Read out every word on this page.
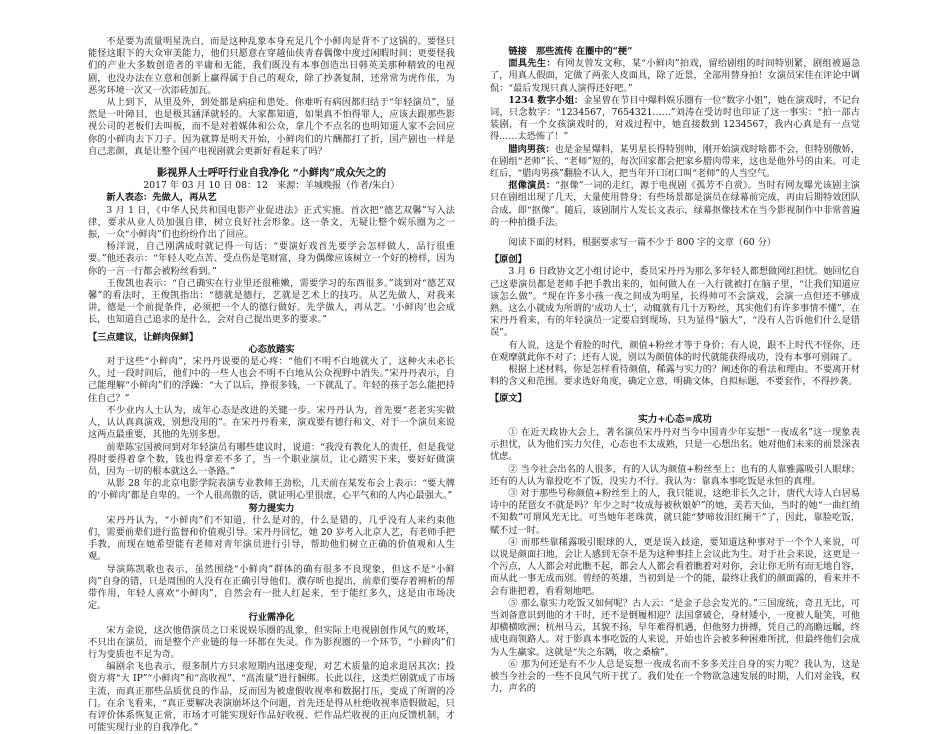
不是要为流量明星洗白，而是这种乱象本身充足几个小鲜肉是背不了这锅的。要怪只能怪这眼下的大众审美能力，他们只愿意在穿越仙侠青春偶像中度过闲暇时间；更要怪我们的产业大多数创造者的平庸和无能，我们既没有本事创造出日韩英美那种精致的电视剧，也没办法在立意和创新上赢得属于自己的观众，除了抄袭复制，还常常为虎作伥，为恶劣环境一次又一次添砖加瓦。

从上到下，从里及外，到处都是病症和患处。你难听有病因都归结于“年轻演员”，显然是一叶障目，也是极其涵泽就轻的。大家都知道，如果真不怕得罪人，应该去跟那些影视公司的老板们去叫板，而不是对着媒体和公众，拿几个不点名的也明知道人家不会回应你的小鲜肉去下刀子。因为就算是明天开始，小鲜肉们的片酬都打了折，国产剧也一样是自己悲颜，真是让整个国产电视剧就会更新好看起来了吗？

影视界人士呼吁行业自我净化 “小鲜肉”成众矢之的
2017 年 03 月 10 日 08：12　来源：羊城晚报（作者/朱白）
新人表态：先做人，再从艺

3 月 1 日，《中华人民共和国电影产业促进法》正式实施。首次把“德艺双馨”写入法律，要求从业人员加强自律，树立良好社会形象。这一条文，无疑让整个娱乐圈为之一振，一众“小鲜肉”们也纷纷作出了回应。

杨洋说，自己刚满成时就记得一句话：“要演好戏首先要学会怎样做人，品行很重要。”他还表示：“年轻人吃点苦、受点伤是笔财富，身为偶像应该树立一个好的榜样，因为你的一言一行都会被粉丝看到。”

王俊凯也表示：“自己确实在行业里还很稚嫩，需要学习的东西很多。”谈到对“德艺双馨”的看法时，王俊凯指出：“德就是德行，艺就是艺术上的技巧。从艺先做人，对我来讲，德是一个前提条件，必须把一个人的德行做好。先学做人，再从艺。‘小鲜肉’也会成长，也知道自己追求的是什么，会对自己提出更多的要求。”

【三点建议，让鲜肉保鲜】
心态放踏实

对于这些“小鲜肉”，宋丹丹说要的是心疼：“他们不明不白地就火了，这种火未必长久，过一段时间后，他们中的一些人也会不明不白地从公众视野中消失。”宋丹丹表示，自己能理解“小鲜肉”们的浮躁：“大了以后，挣很多钱，一下就乱了。年轻的孩子怎么能把持住自己？”

不少业内人士认为，成年心态是改进的关键一步。宋丹丹认为，首先要“老老实实做人，认认真真演戏，别想没用的”。在宋丹丹看来，演戏要有德行和文，对于一个演员来说这两点最重要，其他的先别多想。

前辈陈宝国被问到对年轻演员有哪些建议时，说道：“我没有教化人的责任，但是我觉得时要得着拿个数，钱也得拿差不多了，当一个职业演员，让心踏实下来，要好好做演员，因为一切的根本就这么一条路。”

从影 28 年的北京电影学院表演专业教师王劲松，几天前在某发布会上表示：“要大牌的‘小鲜肉’都是自卑的。一个人很高傲的话，就证明心里很虚，心平气和的人内心最强大。”

努力提实力

宋丹丹认为，“小鲜肉”们不知道，什么是对的，什么是错的，几乎没有人来约束他们，需要前辈们进行监督和价值观引导。宋丹丹回忆，她 20 岁考入北京人艺，有老师手把手教，而现在她希望能有老师对青年演员进行引导，帮助他们树立正确的价值观和人生观。

导演陈凯歌也表示，虽然围绕“小鲜肉”群体的确有很多不良现象，但这不是“小鲜肉”自身的错，只是周围的人没有在正确引导他们。濮存昕也提出，前辈们要存着辨析的帮带作用，年轻人喜欢“小鲜肉”，自然会有一批人红起来，至于能红多久，这是由市场决定。

行业需净化

宋方金说，这次他借演员之口来说娱乐圈的乱象，但实际上电视剧创作风气的败坏，不只出在演员，而是整个产业链的每一环都在失灵。作为影视圈的一个环节，“小鲜肉”们行为变质也不足为奇。

编剧余飞也表示，很多制片方只求短期内迅速变现，对艺术质量的追求退居其次；投资方将“大 IP”“小鲜肉”和“高收视”、“高流量”进行捆绑。长此以往，这类烂剧就成了市场主流，而真正那些品质优良的作品，反而因为被虚假收视率和数据打压，变成了所谓的冷门。在余飞看来，“真正要解决表演崩坏这个问题，首先还是得从杜绝收视率造假做起，只有评价体系恢复正常，市场才可能实现好作品好收视、烂作品烂收视的正向反馈机制，才可能实现行业的自我净化。”

链接　那些流传 在圈中的“梗”

面具先生：有网友曾发文称，某“小鲜肉”拍戏，留给剧组的时间特别紧，剧组被逼急了，用真人假面，定做了两张人皮面具，除了近景，全部用替身拍！女演员宋佳在评论中调侃：“最后发现只真人演得还好吧。”

1234 数字小姐：金星曾在节目中爆料娱乐圈有一位“数字小姐”，她在演戏时，不记台词，只念数字：“1234567，7654321……”刘涛在受访时也印证了这一事实：“拍一部古装剧，有一个女孩演戏时的，对戏过程中，她直接数到 1234567，我内心真是有一点觉得……太恐怖了！”

腊肉男孩：也是金星爆料，某男星长得特别帅，刚开始演戏时啥都不会，但特别傲娇，在剧组“老师”长、“老师”短的，每次回家都会把家乡腊肉带来，这也是他外号的由来。可走红后，“腊肉男孩”翻脸不认人，把当年开口闭口叫“老师”的人当空气。

抠像演员：“抠像”一词的走红，源于电视剧《孤芳不自赏》。当时有网友曝光该剧主演只在剧组出现了几天，大量使用替身；有些场景都是演员在绿幕前完成，再由后期特效团队合成，即“抠像”。随后，该剧制片人发长文表示，绿幕抠像技术在当今影视制作中非常普遍的一种拍摄手法。

阅读下面的材料，根据要求写一篇不少于 800 字的文章（60 分）

【原创】

3 月 6 日政协文艺小组讨论中，委员宋丹丹为那么多年轻人都想做网红担忧。她回忆自己这辈演员都是老师手把手教出来的，如何做人在一入行就被打在脑子里，“让我们知道应该怎么做”。“现在许多小孩一夜之间成为明星，长得帅可不会演戏，会演一点但还不够成熟。这么小就成为所谓的‘成功人士’，动辄就有几十万粉丝，其实他们有许多事情不懂”，在宋丹丹看来，有的年轻演员一定要启到现场，只为显得“脑大”，“没有人告诉他们什么是错误”。

有人说，这是个看脸的时代，颜值+粉丝才等于身价；有人说，跟不上时代不怪你，还在观摩就此你不对了；还有人说，别以为颜值体的时代就能获得成功，没有本事可别闹了。

根据上述材料，你是怎样看待颜值，稀露与实力的？阐述你的看法和理由。不要离开材料的含义和范围。要求选好角度，确定立意，明确文体，自拟标题，不要套作，不得抄袭。

【原文】
实力+心态=成功

① 在近天政协大会上，著名演员宋丹丹对当今中国青少年妄想“一夜成名”这一现象表示担忧，认为他们实力欠佳，心态也不太成熟，只是一心想出名。她对他们未来的前景深表忧虑。

② 当今社会出名的人很多，有的人认为颜值+粉丝至上；也有的人靠雅露吸引人眼球；还有的人认为靠投吃不了饭，没实力不行。我认为：靠真本事吃饭是永恒的真理。

③ 对于那些号称颜值+粉丝至上的人，我只能说，这绝非长久之计，唐代大诗人白居易诗中的琵琶女不就是吗？年少之时“妆成每被秋娘妒”的她，美若天仙，当时的她“一曲红绡不知数”可谓风光无比。可当她年老珠黄，就只能“梦啼妆泪红阑干”了，因此，靠脸吃饭，赋不过一时。

④ 而那些靠稀露吸引眼球的人，更是误入歧途，要知道这种事对于一个个人来说，可以说是颜面扫地，会让人感到无奈不是为这种事挂上会议此为生。对于社会来说，这更是一个污点，人人都会对此瞧不起，都会人人都会看着瞧着对对你，会让你无所有而无地自容，而从此一事无成而别。曾经的英雄，当初到是一个的能，最终让我们的颜面露的，看来并不会有谁把着，看看刻地吧。

⑤ 那么靠实力吃饭又如何呢？古人云：“是金子总会发光的。”三国庞统，奇丑无比，可当刘备意识到他的才干时，还不是倒履相迎？法国拿破仑，身材矮小，一度被人耻笑，可他却横横欧洲；杭州马云，其貌不扬，早年难得机遇，但他努力拼搏，凭自己的高瞻远瞩，终成电商领路人。对于影真本事吃饭的人来说，开始也许会被多种困难所扰，但最终他们会成为人生赢家。这就是“失之东隅，收之桑榆”。

⑥ 那为何还是有不少人总是妄想一夜成名而不多多关注自身的实力呢？我认为，这是被当今社会的一些不良风气所干扰了。我们处在一个物欲急速发展的时期，人们对金钱，权力，声名的
